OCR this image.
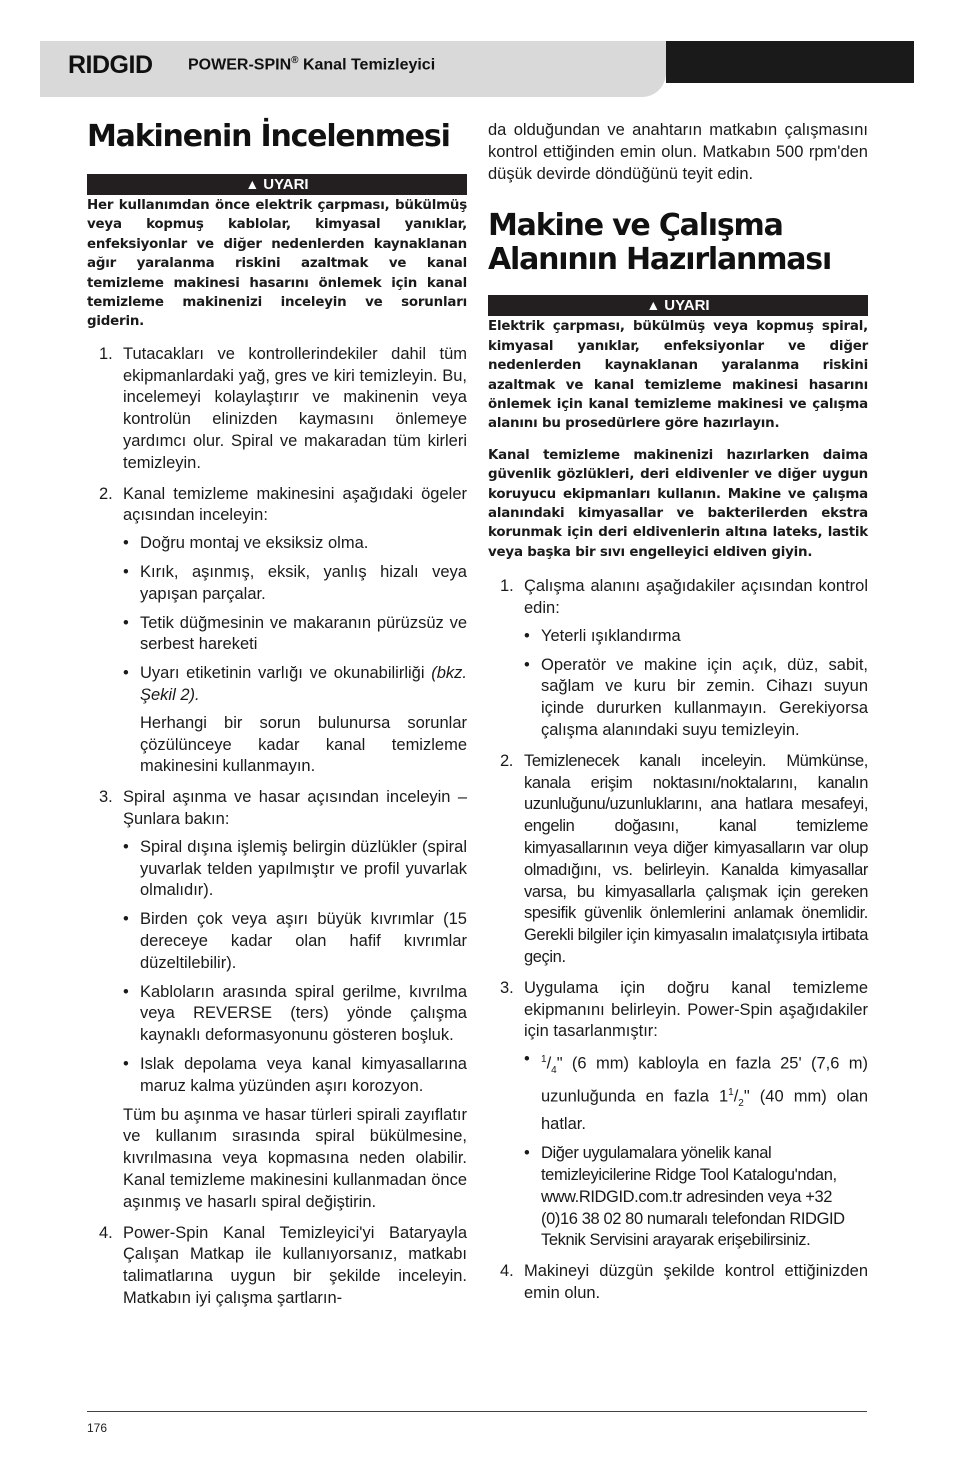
RIDGID POWER-SPIN® Kanal Temizleyici
Makinenin İncelenmesi
▲ UYARI

Her kullanımdan önce elektrik çarpması, bükülmüş veya kopmuş kablolar, kimyasal yanıklar, enfeksiyonlar ve diğer nedenlerden kaynaklanan ağır yaralanma riskini azaltmak ve kanal temizleme makinesi hasarını önlemek için kanal temizleme makinenizi inceleyin ve sorunları giderin.

1. Tutacakları ve kontrollerindekiler dahil tüm ekipmanlardaki yağ, gres ve kiri temizleyin. Bu, incelemeyi kolaylaştırır ve makinenin veya kontrolün elinizden kaymasını önlemeye yardımcı olur. Spiral ve makaradan tüm kirleri temizleyin.
2. Kanal temizleme makinesini aşağıdaki ögeler açısından inceleyin:
• Doğru montaj ve eksiksiz olma.
• Kırık, aşınmış, eksik, yanlış hizalı veya yapışan parçalar.
• Tetik düğmesinin ve makaranın pürüzsüz ve serbest hareketi
• Uyarı etiketinin varlığı ve okunabilirliği (bkz. Şekil 2).
Herhangi bir sorun bulunursa sorunlar çözülünceye kadar kanal temizleme makinesini kullanmayın.
3. Spiral aşınma ve hasar açısından inceleyin – Şunlara bakın:
• Spiral dışına işlemiş belirgin düzlükler (spiral yuvarlak telden yapılmıştır ve profil yuvarlak olmalıdır).
• Birden çok veya aşırı büyük kıvrımlar (15 dereceye kadar olan hafif kıvrımlar düzeltilebilir).
• Kabloların arasında spiral gerilme, kıvrılma veya REVERSE (ters) yönde çalışma kaynaklı deformasyonunu gösteren boşluk.
• Islak depolama veya kanal kimyasallarına maruz kalma yüzünden aşırı korozyon.
Tüm bu aşınma ve hasar türleri spirali zayıflatır ve kullanım sırasında spiral bükülmesine, kıvrılmasına veya kopmasına neden olabilir. Kanal temizleme makinesini kullanmadan önce aşınmış ve hasarlı spiral değiştirin.
4. Power-Spin Kanal Temizleyici'yi Bataryayla Çalışan Matkap ile kullanıyorsanız, matkabı talimatlarına uygun bir şekilde inceleyin. Matkabın iyi çalışma şartların-
da olduğundan ve anahtarın matkabın çalışmasını kontrol ettiğinden emin olun. Matkabın 500 rpm'den düşük devirde döndüğünü teyit edin.
Makine ve Çalışma Alanının Hazırlanması
▲ UYARI

Elektrik çarpması, bükülmüş veya kopmuş spiral, kimyasal yanıklar, enfeksiyonlar ve diğer nedenlerden kaynaklanan yaralanma riskini azaltmak ve kanal temizleme makinesi hasarını önlemek için kanal temizleme makinesi ve çalışma alanını bu prosedürlere göre hazırlayın.

Kanal temizleme makinenizi hazırlarken daima güvenlik gözlükleri, deri eldivenler ve diğer uygun koruyucu ekipmanları kullanın. Makine ve çalışma alanındaki kimyasallar ve bakterilerden ekstra korunmak için deri eldivenlerin altına lateks, lastik veya başka bir sıvı engelleyici eldiven giyin.

1. Çalışma alanını aşağıdakiler açısından kontrol edin:
• Yeterli ışıklandırma
• Operatör ve makine için açık, düz, sabit, sağlam ve kuru bir zemin. Cihazı suyun içinde dururken kullanmayın. Gerekiyorsa çalışma alanındaki suyu temizleyin.
2. Temizlenecek kanalı inceleyin. Mümkünse, kanala erişim noktasını/noktalarını, kanalın uzunluğunu/uzunluklarını, ana hatlara mesafeyi, engelin doğasını, kanal temizleme kimyasallarının veya diğer kimyasalların var olup olmadığını, vs. belirleyin. Kanalda kimyasallar varsa, bu kimyasallarla çalışmak için gereken spesifik güvenlik önlemlerini anlamak önemlidir. Gerekli bilgiler için kimyasalın imalatçısıyla irtibata geçin.
3. Uygulama için doğru kanal temizleme ekipmanını belirleyin. Power-Spin aşağıdakiler için tasarlanmıştır:
• $^1/_4$" (6 mm) kabloyla en fazla 25' (7,6 m) uzunluğunda en fazla $1^1/_2$" (40 mm) olan hatlar.
• Diğer uygulamalara yönelik kanal temizleyicilerine Ridge Tool Katalogu'ndan, www.RIDGID.com.tr adresinden veya +32 (0)16 38 02 80 numaralı telefondan RIDGID Teknik Servisini arayarak erişebilirsiniz.
4. Makineyi düzgün şekilde kontrol ettiğinizden emin olun.
176
